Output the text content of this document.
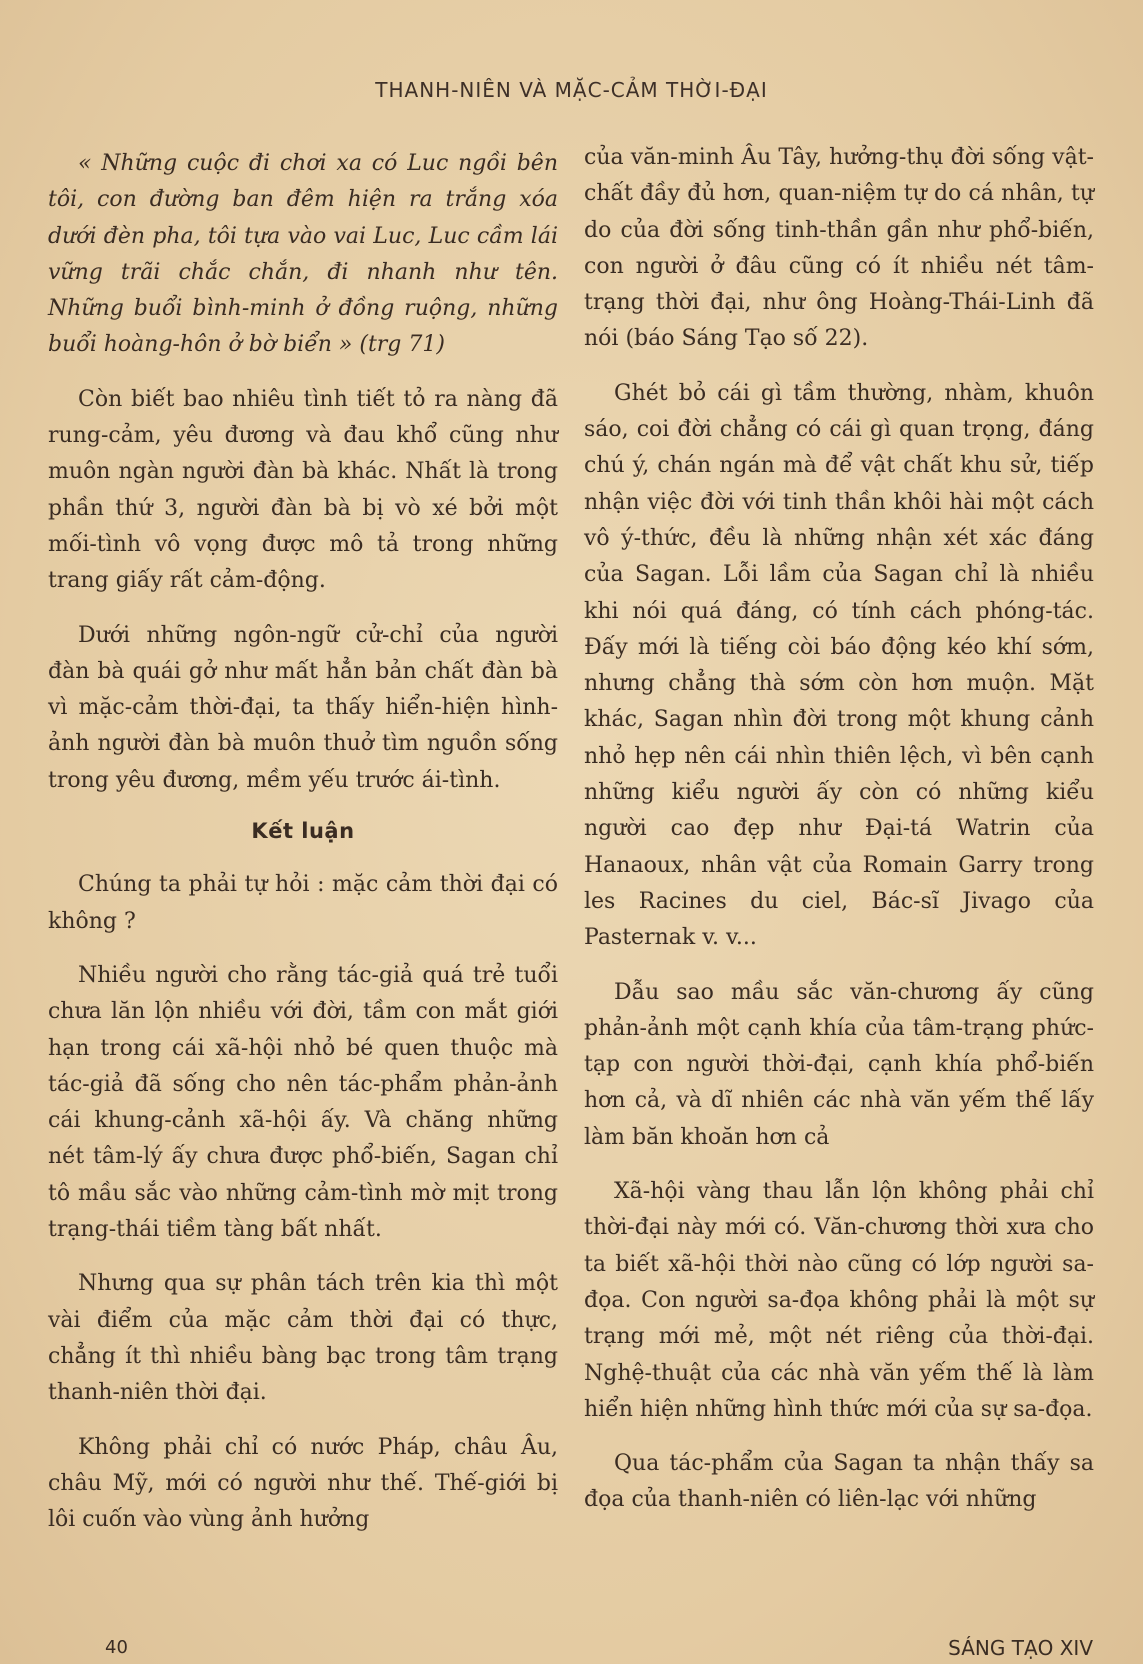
THANH-NIÊN VÀ MẶC-CẢM THỜI-ĐẠI

« Những cuộc đi chơi xa có Luc ngồi bên tôi, con đường ban đêm hiện ra trắng xóa dưới đèn pha, tôi tựa vào vai Luc, Luc cầm lái vững trãi chắc chắn, đi nhanh như tên. Những buổi bình-minh ở đồng ruộng, những buổi hoàng-hôn ở bờ biển » (trg 71)

Còn biết bao nhiêu tình tiết tỏ ra nàng đã rung-cảm, yêu đương và đau khổ cũng như muôn ngàn người đàn bà khác. Nhất là trong phần thứ 3, người đàn bà bị vò xé bởi một mối-tình vô vọng được mô tả trong những trang giấy rất cảm-động.

Dưới những ngôn-ngữ cử-chỉ của người đàn bà quái gở như mất hẳn bản chất đàn bà vì mặc-cảm thời-đại, ta thấy hiển-hiện hình-ảnh người đàn bà muôn thuở tìm nguồn sống trong yêu đương, mềm yếu trước ái-tình.

Kết luận

Chúng ta phải tự hỏi : mặc cảm thời đại có không ?

Nhiều người cho rằng tác-giả quá trẻ tuổi chưa lăn lộn nhiều với đời, tầm con mắt giới hạn trong cái xã-hội nhỏ bé quen thuộc mà tác-giả đã sống cho nên tác-phẩm phản-ảnh cái khung-cảnh xã-hội ấy. Và chăng những nét tâm-lý ấy chưa được phổ-biến, Sagan chỉ tô mầu sắc vào những cảm-tình mờ mịt trong trạng-thái tiềm tàng bất nhất.

Nhưng qua sự phân tách trên kia thì một vài điểm của mặc cảm thời đại có thực, chẳng ít thì nhiều bàng bạc trong tâm trạng thanh-niên thời đại.

Không phải chỉ có nước Pháp, châu Âu, châu Mỹ, mới có người như thế. Thế-giới bị lôi cuốn vào vùng ảnh hưởng

của văn-minh Âu Tây, hưởng-thụ đời sống vật-chất đầy đủ hơn, quan-niệm tự do cá nhân, tự do của đời sống tinh-thần gần như phổ-biến, con người ở đâu cũng có ít nhiều nét tâm-trạng thời đại, như ông Hoàng-Thái-Linh đã nói (báo Sáng Tạo số 22).

Ghét bỏ cái gì tầm thường, nhàm, khuôn sáo, coi đời chẳng có cái gì quan trọng, đáng chú ý, chán ngán mà để vật chất khu sử, tiếp nhận việc đời với tinh thần khôi hài một cách vô ý-thức, đều là những nhận xét xác đáng của Sagan. Lỗi lầm của Sagan chỉ là nhiều khi nói quá đáng, có tính cách phóng-tác. Đấy mới là tiếng còi báo động kéo khí sớm, nhưng chẳng thà sớm còn hơn muộn. Mặt khác, Sagan nhìn đời trong một khung cảnh nhỏ hẹp nên cái nhìn thiên lệch, vì bên cạnh những kiểu người ấy còn có những kiểu người cao đẹp như Đại-tá Watrin của Hanaoux, nhân vật của Romain Garry trong les Racines du ciel, Bác-sĩ Jivago của Pasternak v. v...

Dẫu sao mầu sắc văn-chương ấy cũng phản-ảnh một cạnh khía của tâm-trạng phức-tạp con người thời-đại, cạnh khía phổ-biến hơn cả, và dĩ nhiên các nhà văn yếm thế lấy làm băn khoăn hơn cả

Xã-hội vàng thau lẫn lộn không phải chỉ thời-đại này mới có. Văn-chương thời xưa cho ta biết xã-hội thời nào cũng có lớp người sa-đọa. Con người sa-đọa không phải là một sự trạng mới mẻ, một nét riêng của thời-đại. Nghệ-thuật của các nhà văn yếm thế là làm hiển hiện những hình thức mới của sự sa-đọa.

Qua tác-phẩm của Sagan ta nhận thấy sa đọa của thanh-niên có liên-lạc với những

40	SÁNG TẠO XIV
